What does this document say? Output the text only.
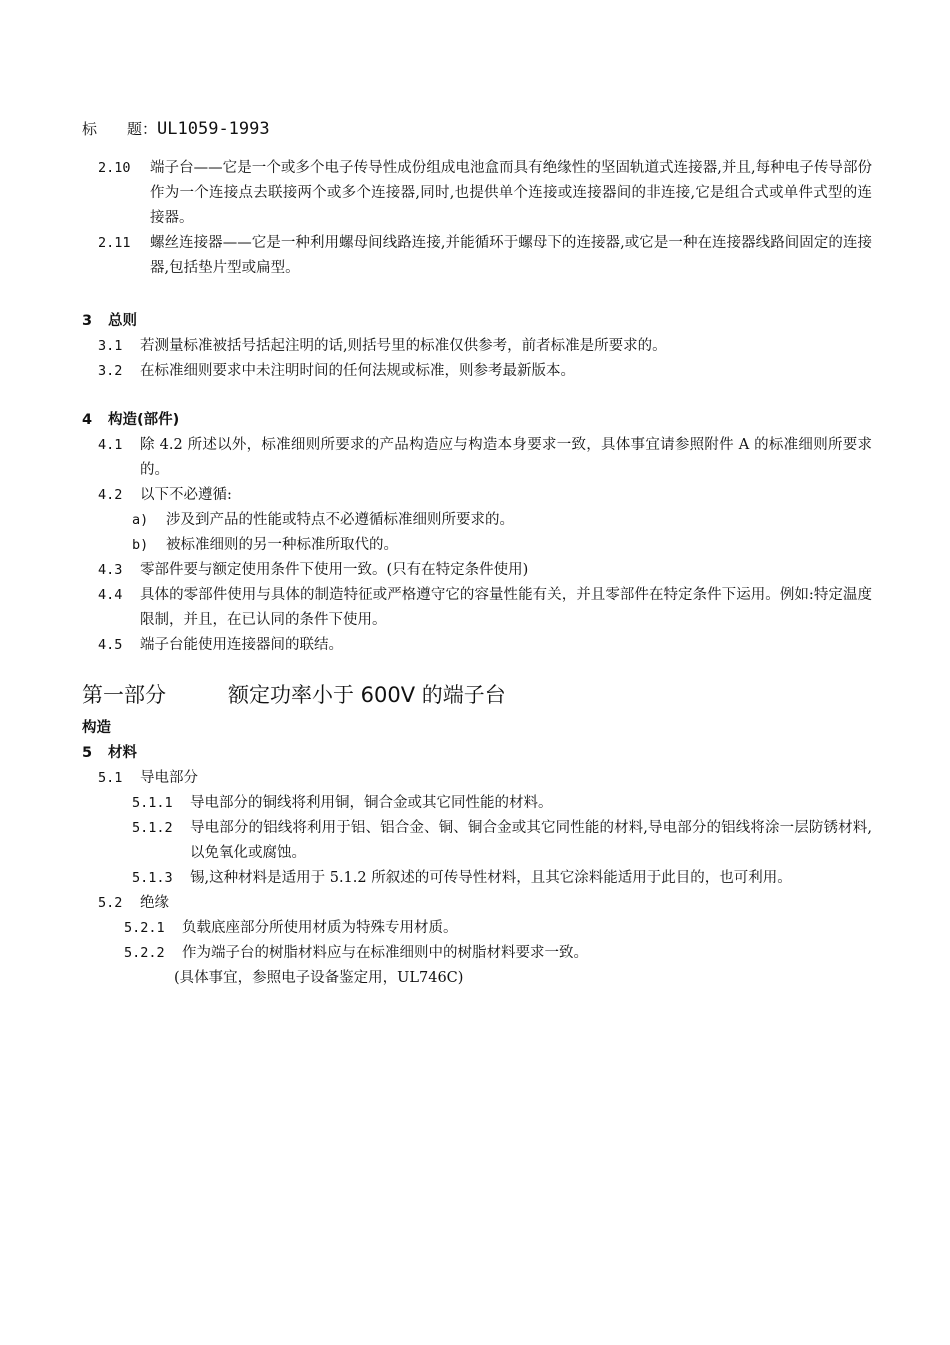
标 题：UL1059-1993
2.10	端子台——它是一个或多个电子传导性成份组成电池盒而具有绝缘性的坚固轨道式连接器,并且,每种电子传导部份作为一个连接点去联接两个或多个连接器,同时,也提供单个连接或连接器间的非连接,它是组合式或单件式型的连接器。
2.11	螺丝连接器——它是一种利用螺母间线路连接,并能循环于螺母下的连接器,或它是一种在连接器线路间固定的连接器,包括垫片型或扁型。
3 总则
3.1	若测量标准被括号括起注明的话,则括号里的标准仅供参考，前者标准是所要求的。
3.2	在标准细则要求中未注明时间的任何法规或标准，则参考最新版本。
4 构造(部件)
4.1	除 4.2 所述以外，标准细则所要求的产品构造应与构造本身要求一致，具体事宜请参照附件 A 的标准细则所要求的。
4.2	以下不必遵循:
a)	涉及到产品的性能或特点不必遵循标准细则所要求的。
b)	被标准细则的另一种标准所取代的。
4.3	零部件要与额定使用条件下使用一致。(只有在特定条件使用)
4.4	具体的零部件使用与具体的制造特征或严格遵守它的容量性能有关，并且零部件在特定条件下运用。例如:特定温度限制，并且，在已认同的条件下使用。
4.5	端子台能使用连接器间的联结。
第一部分	额定功率小于 600V 的端子台
构造
5 材料
5.1	导电部分
5.1.1	导电部分的铜线将利用铜，铜合金或其它同性能的材料。
5.1.2	导电部分的铝线将利用于铝、铝合金、铜、铜合金或其它同性能的材料,导电部分的铝线将涂一层防锈材料,以免氧化或腐蚀。
5.1.3	锡,这种材料是适用于 5.1.2 所叙述的可传导性材料，且其它涂料能适用于此目的，也可利用。
5.2	绝缘
5.2.1	负载底座部分所使用材质为特殊专用材质。
5.2.2	作为端子台的树脂材料应与在标准细则中的树脂材料要求一致。
(具体事宜，参照电子设备鉴定用，UL746C)
